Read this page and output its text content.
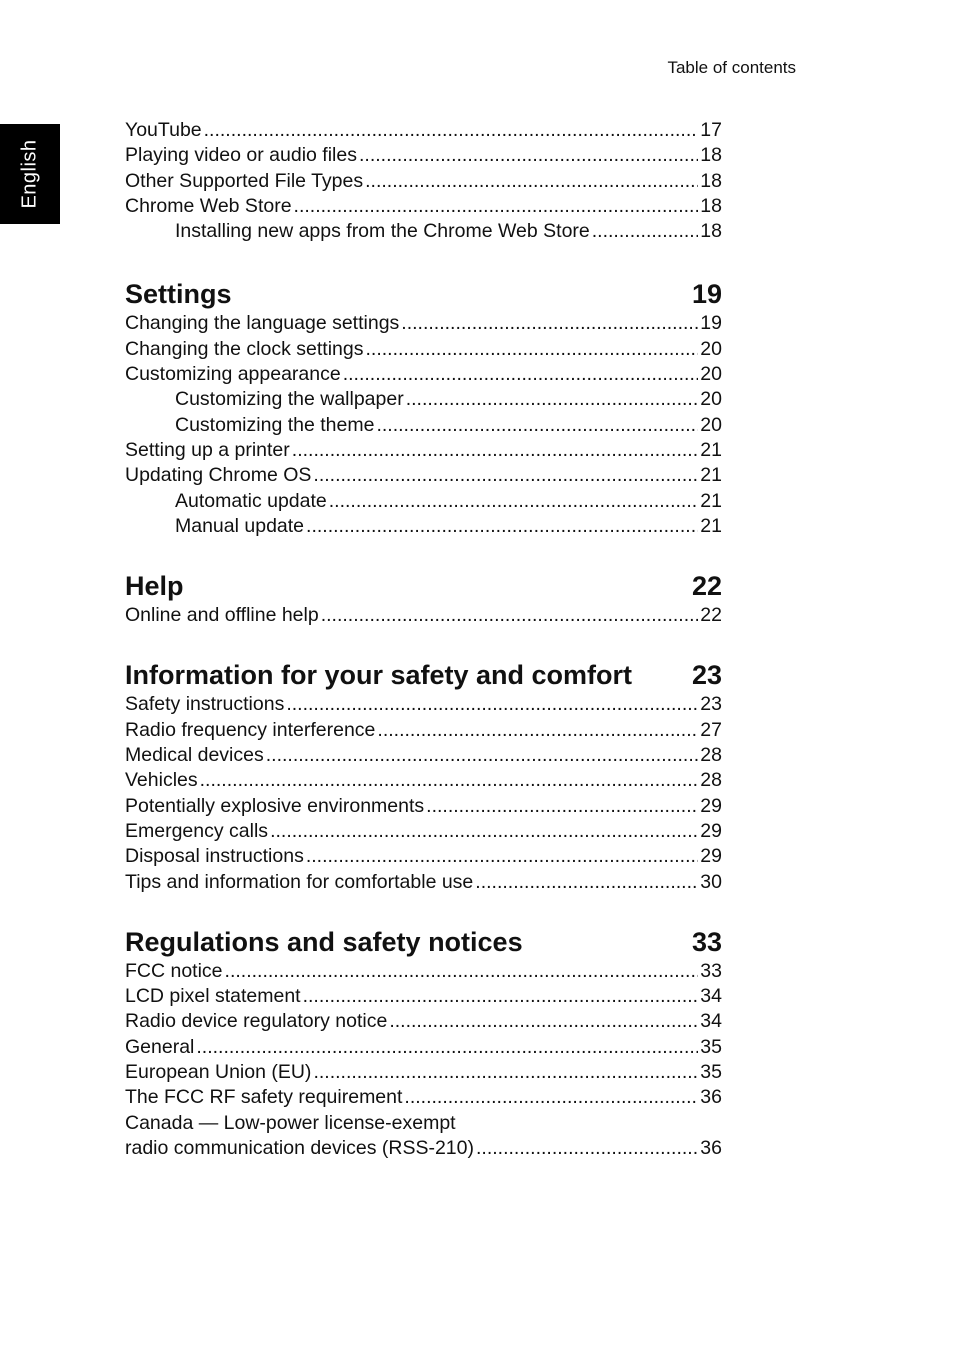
Table of contents
English
YouTube .....	17
Playing video or audio files .....	18
Other Supported File Types .....	18
Chrome Web Store .....	18
Installing new apps from the Chrome Web Store .....	18
Settings	19
Changing the language settings .....	19
Changing the clock settings .....	20
Customizing appearance .....	20
Customizing the wallpaper .....	20
Customizing the theme .....	20
Setting up a printer .....	21
Updating Chrome OS .....	21
Automatic update .....	21
Manual update .....	21
Help	22
Online and offline help .....	22
Information for your safety and comfort 23
Safety instructions .....	23
Radio frequency interference .....	27
Medical devices .....	28
Vehicles .....	28
Potentially explosive environments .....	29
Emergency calls .....	29
Disposal instructions .....	29
Tips and information for comfortable use .....	30
Regulations and safety notices	33
FCC notice .....	33
LCD pixel statement .....	34
Radio device regulatory notice .....	34
General .....	35
European Union (EU) .....	35
The FCC RF safety requirement .....	36
Canada — Low-power license-exempt
radio communication devices (RSS-210) .....	36
